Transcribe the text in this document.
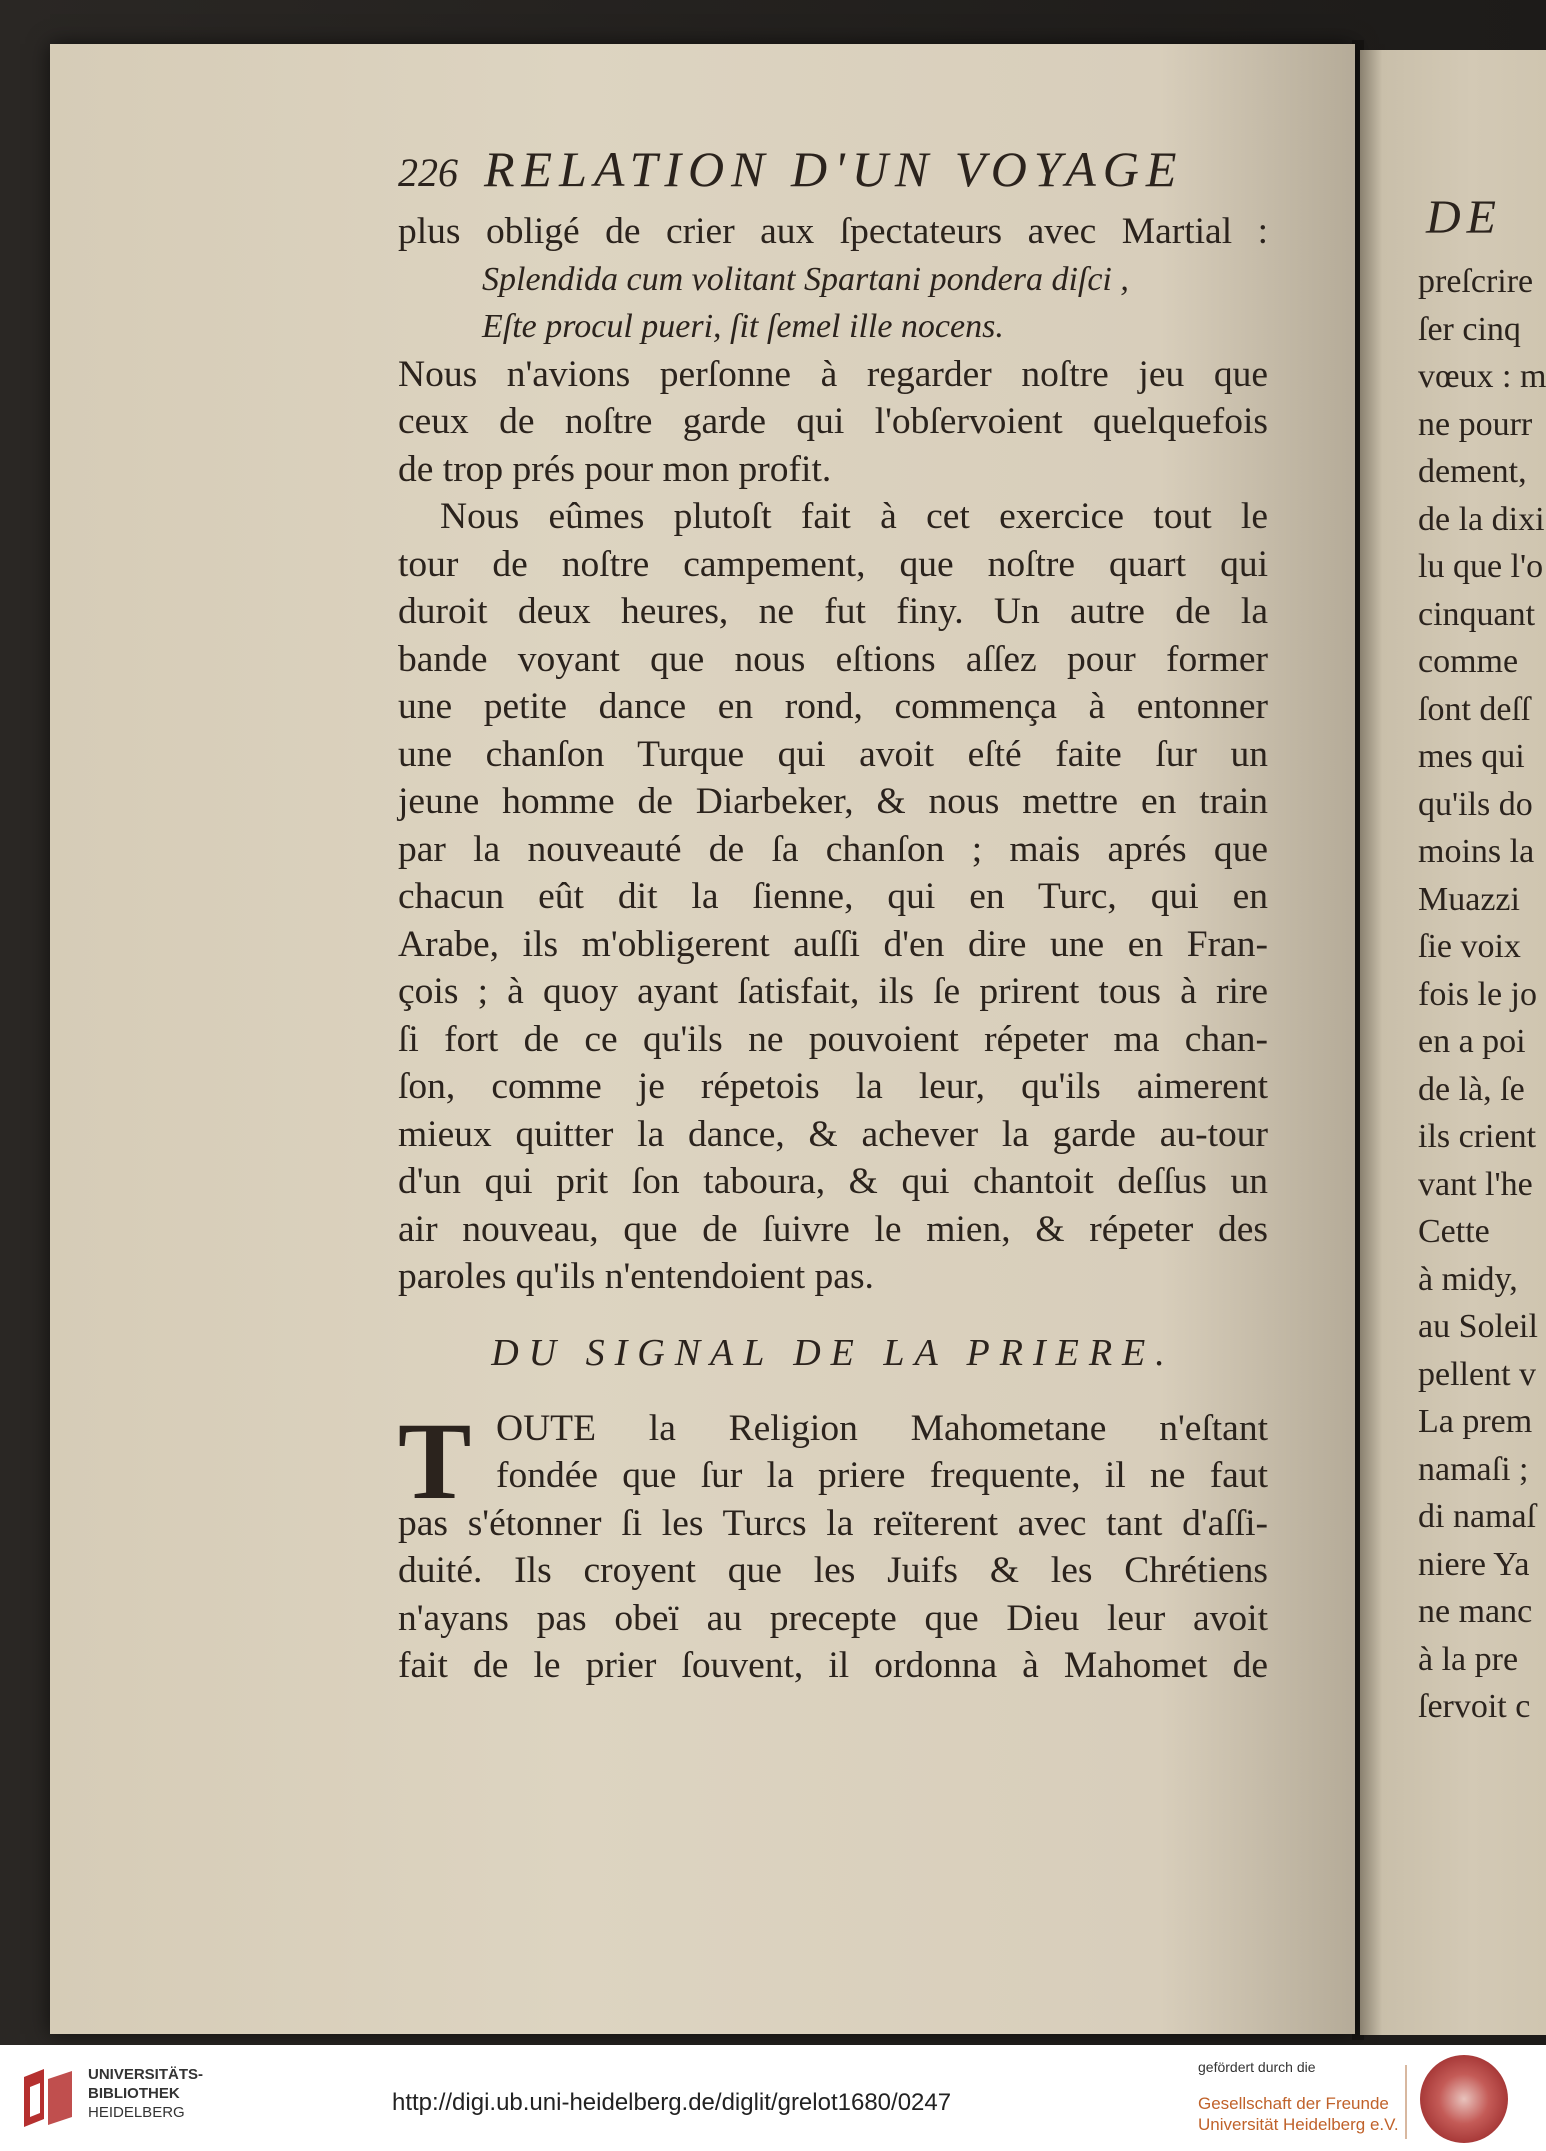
226 RELATION D'UN VOYAGE
plus obligé de crier aux ſpectateurs avec Martial :
Splendida cum volitant Spartani pondera diſci ,
Eſte procul pueri, ſit ſemel ille nocens.
Nous n'avions perſonne à regarder noſtre jeu que
ceux de noſtre garde qui l'obſervoient quelquefois
de trop prés pour mon profit.
Nous eûmes plutoſt fait à cet exercice tout le
tour de noſtre campement, que noſtre quart qui
duroit deux heures, ne fut finy. Un autre de la
bande voyant que nous eſtions aſſez pour former
une petite dance en rond, commença à entonner
une chanſon Turque qui avoit eſté faite ſur un
jeune homme de Diarbeker, & nous mettre en train
par la nouveauté de ſa chanſon ; mais aprés que
chacun eût dit la ſienne, qui en Turc, qui en
Arabe, ils m'obligerent auſſi d'en dire une en Fran-
çois ; à quoy ayant ſatisfait, ils ſe prirent tous à rire
ſi fort de ce qu'ils ne pouvoient répeter ma chan-
ſon, comme je répetois la leur, qu'ils aimerent
mieux quitter la dance, & achever la garde au-tour
d'un qui prit ſon taboura, & qui chantoit deſſus un
air nouveau, que de ſuivre le mien, & répeter des
paroles qu'ils n'entendoient pas.
DU SIGNAL DE LA PRIERE.
T OUTE la Religion Mahometane n'eſtant
fondée que ſur la priere frequente, il ne faut
pas s'étonner ſi les Turcs la reïterent avec tant d'aſſi-
duité. Ils croyent que les Juifs & les Chrétiens
n'ayans pas obeï au precepte que Dieu leur avoit
fait de le prier ſouvent, il ordonna à Mahomet de
DE
preſcrire
ſer cinq
vœux : m
ne pourr
dement,
de la dixi
lu que l'o
cinquant
comme
ſont deſſ
mes qui
qu'ils do
moins la
Muazzi
ſie voix
fois le jo
en a poi
de là, ſe
ils crient
vant l'he
Cette
à midy,
au Soleil
pellent v
La prem
namaſi ;
di namaſ
niere Ya
ne manc
à la pre
ſervoit c
UNIVERSITÄTS-
BIBLIOTHEK
HEIDELBERG	http://digi.ub.uni-heidelberg.de/diglit/grelot1680/0247
gefördert durch die
Gesellschaft der Freunde
Universität Heidelberg e.V.
